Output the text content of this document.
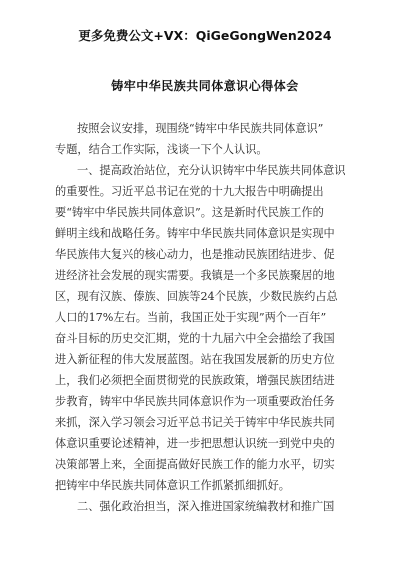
更多免费公文+VX：QiGeGongWen2024
铸牢中华民族共同体意识心得体会
按照会议安排，现围绕“铸牢中华民族共同体意识”
专题，结合工作实际，浅谈一下个人认识。
一、提高政治站位，充分认识铸牢中华民族共同体意识
的重要性。习近平总书记在党的十九大报告中明确提出
要“铸牢中华民族共同体意识”。这是新时代民族工作的
鲜明主线和战略任务。铸牢中华民族共同体意识是实现中
华民族伟大复兴的核心动力，也是推动民族团结进步、促
进经济社会发展的现实需要。我镇是一个多民族聚居的地
区，现有汉族、傣族、回族等24个民族，少数民族约占总
人口的17%左右。当前，我国正处于实现”两个一百年”
奋斗目标的历史交汇期，党的十九届六中全会描绘了我国
进入新征程的伟大发展蓝图。站在我国发展新的历史方位
上，我们必须把全面贯彻党的民族政策，增强民族团结进
步教育，铸牢中华民族共同体意识作为一项重要政治任务
来抓，深入学习领会习近平总书记关于铸牢中华民族共同
体意识重要论述精神，进一步把思想认识统一到党中央的
决策部署上来，全面提高做好民族工作的能力水平，切实
把铸牢中华民族共同体意识工作抓紧抓细抓好。
二、强化政治担当，深入推进国家统编教材和推广国
